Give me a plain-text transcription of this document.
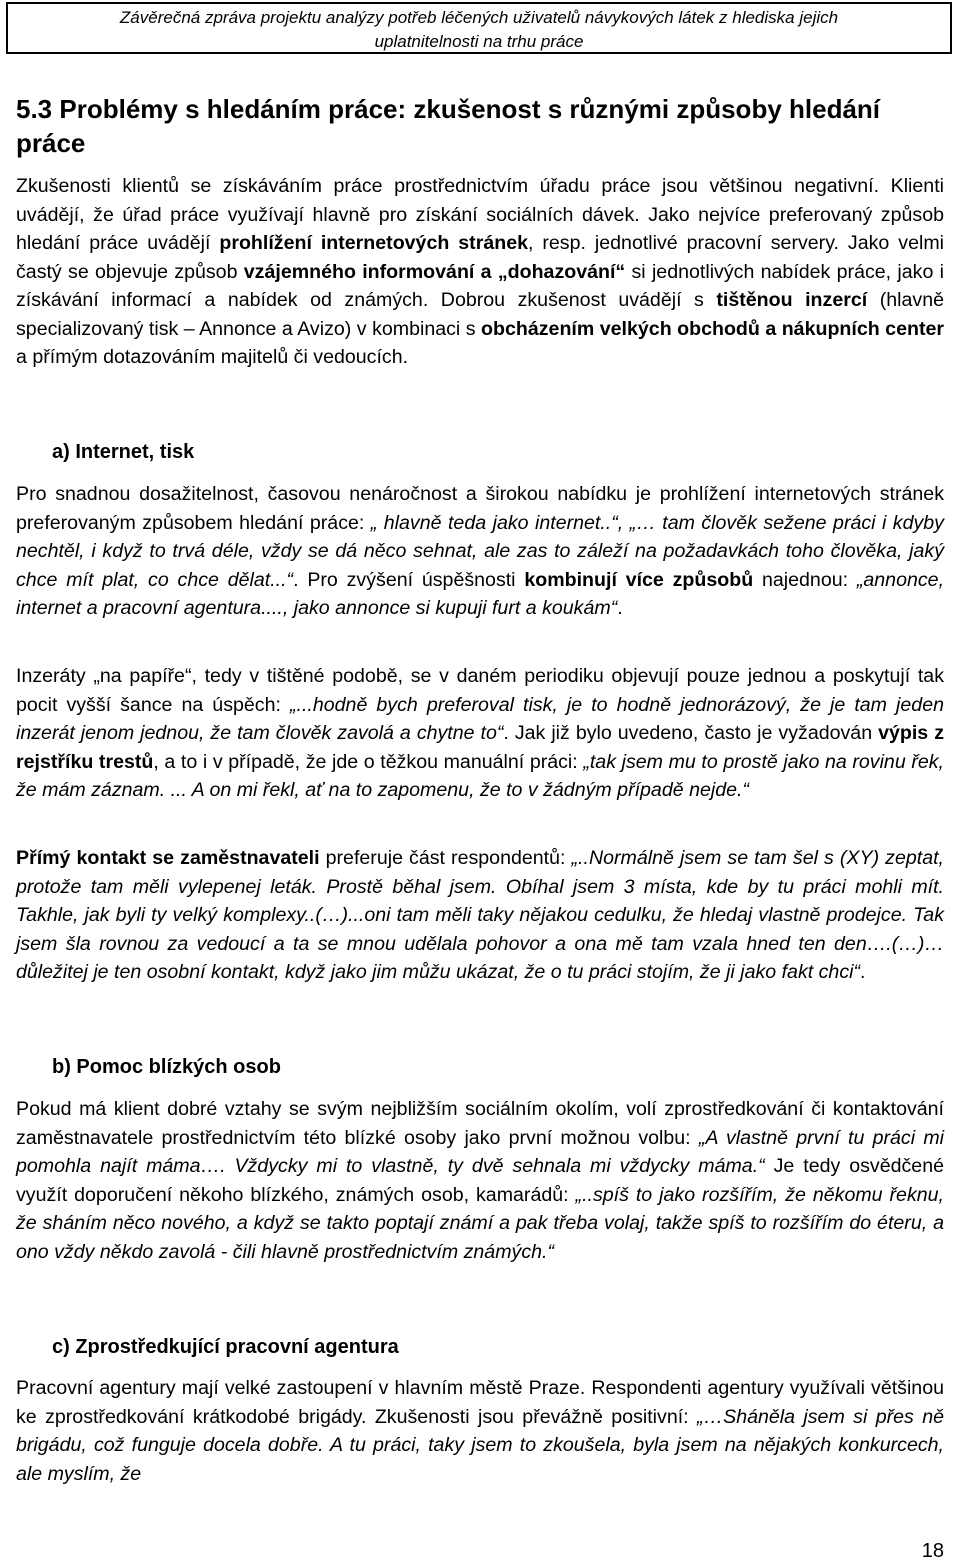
Závěrečná zpráva projektu analýzy potřeb léčených uživatelů návykových látek z hlediska jejich
uplatnitelnosti na trhu práce
5.3 Problémy s hledáním práce: zkušenost s různými způsoby hledání práce

Zkušenosti klientů se získáváním práce prostřednictvím úřadu práce jsou většinou negativní. Klienti uvádějí, že úřad práce využívají hlavně pro získání sociálních dávek. Jako nejvíce preferovaný způsob hledání práce uvádějí prohlížení internetových stránek, resp. jednotlivé pracovní servery. Jako velmi častý se objevuje způsob vzájemného informování a „dohazování“ si jednotlivých nabídek práce, jako i získávání informací a nabídek od známých. Dobrou zkušenost uvádějí s tištěnou inzercí (hlavně specializovaný tisk – Annonce a Avizo) v kombinaci s obcházením velkých obchodů a nákupních center a přímým dotazováním majitelů či vedoucích.

a) Internet, tisk

Pro snadnou dosažitelnost, časovou nenáročnost a širokou nabídku je prohlížení internetových stránek preferovaným způsobem hledání práce: „ hlavně teda jako internet..“, „… tam člověk sežene práci i kdyby nechtěl, i když to trvá déle, vždy se dá něco sehnat, ale zas to záleží na požadavkách toho člověka, jaký chce mít plat, co chce dělat...“. Pro zvýšení úspěšnosti kombinují více způsobů najednou: „annonce, internet a pracovní agentura...., jako annonce si kupuji furt a koukám“.

Inzeráty „na papíře“, tedy v tištěné podobě, se v daném periodiku objevují pouze jednou a poskytují tak pocit vyšší šance na úspěch: „...hodně bych preferoval tisk, je to hodně jednorázový, že je tam jeden inzerát jenom jednou, že tam člověk zavolá a chytne to“. Jak již bylo uvedeno, často je vyžadován výpis z rejstříku trestů, a to i v případě, že jde o těžkou manuální práci: „tak jsem mu to prostě jako na rovinu řek, že mám záznam. ... A on mi řekl, ať na to zapomenu, že to v žádným případě nejde.“

Přímý kontakt se zaměstnavateli preferuje část respondentů: „..Normálně jsem se tam šel s (XY) zeptat, protože tam měli vylepenej leták. Prostě běhal jsem. Obíhal jsem 3 místa, kde by tu práci mohli mít. Takhle, jak byli ty velký komplexy..(…)...oni tam měli taky nějakou cedulku, že hledaj vlastně prodejce. Tak jsem šla rovnou za vedoucí a ta se mnou udělala pohovor a ona mě tam vzala hned ten den….(…)…důležitej je ten osobní kontakt, když jako jim můžu ukázat, že o tu práci stojím, že ji jako fakt chci“.

b) Pomoc blízkých osob

Pokud má klient dobré vztahy se svým nejbližším sociálním okolím, volí zprostředkování či kontaktování zaměstnavatele prostřednictvím této blízké osoby jako první možnou volbu: „A vlastně první tu práci mi pomohla najít máma…. Vždycky mi to vlastně, ty dvě sehnala mi vždycky máma.“ Je tedy osvědčené využít doporučení někoho blízkého, známých osob, kamarádů: „..spíš to jako rozšířím, že někomu řeknu, že sháním něco nového, a když se takto poptají známí a pak třeba volaj, takže spíš to rozšířím do éteru, a ono vždy někdo zavolá - čili hlavně prostřednictvím známých.“

c) Zprostředkující pracovní agentura

Pracovní agentury mají velké zastoupení v hlavním městě Praze. Respondenti agentury využívali většinou ke zprostředkování krátkodobé brigády. Zkušenosti jsou převážně positivní: „…Sháněla jsem si přes ně brigádu, což funguje docela dobře. A tu práci, taky jsem to zkoušela, byla jsem na nějakých konkurcech, ale myslím, že

18
